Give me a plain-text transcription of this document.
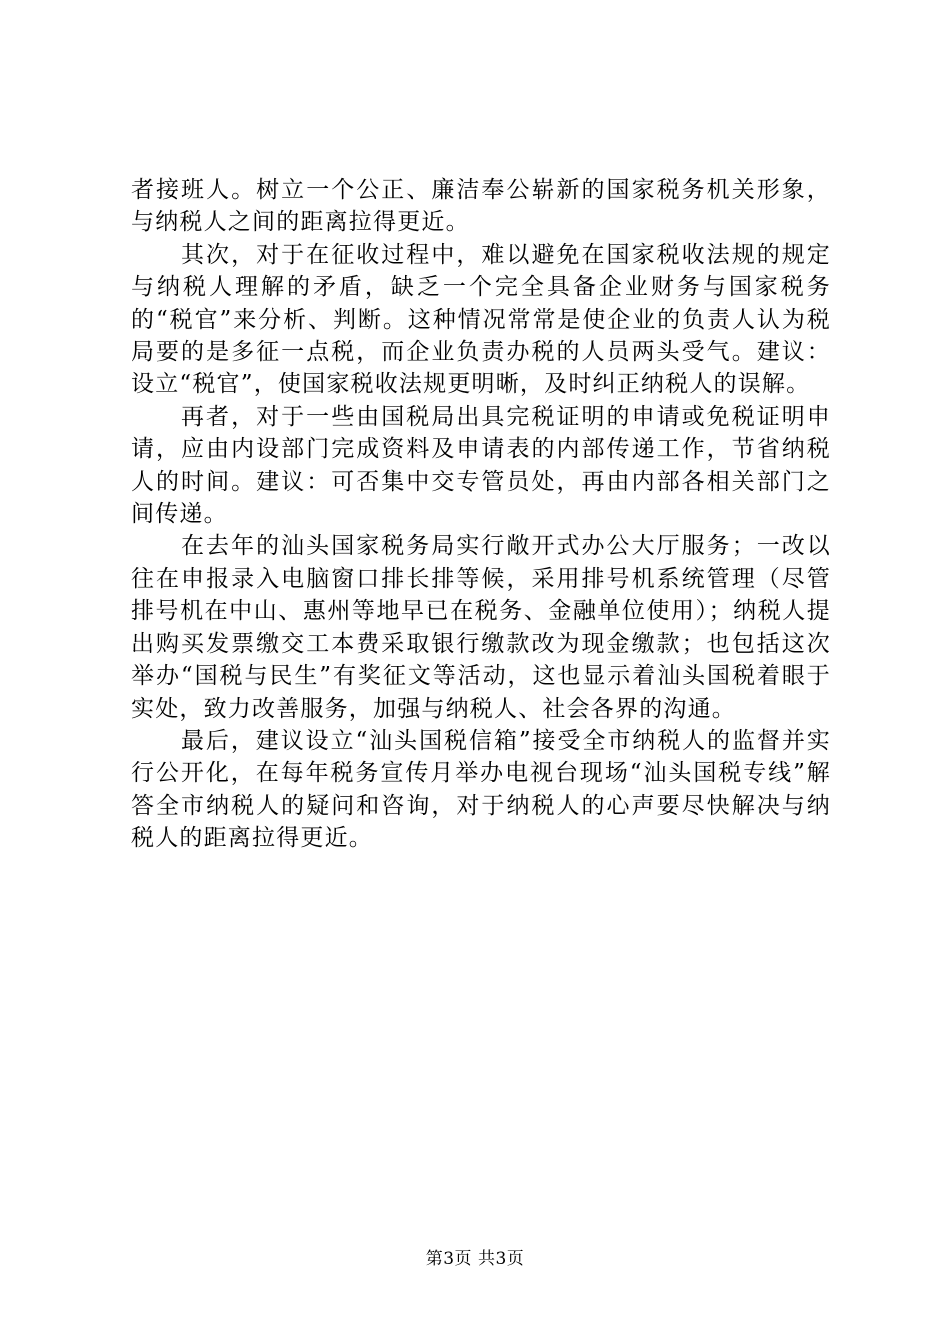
者接班人。树立一个公正、廉洁奉公崭新的国家税务机关形象，与纳税人之间的距离拉得更近。

其次，对于在征收过程中，难以避免在国家税收法规的规定与纳税人理解的矛盾，缺乏一个完全具备企业财务与国家税务的“税官”来分析、判断。这种情况常常是使企业的负责人认为税局要的是多征一点税，而企业负责办税的人员两头受气。建议：设立“税官”，使国家税收法规更明晰，及时纠正纳税人的误解。

再者，对于一些由国税局出具完税证明的申请或免税证明申请，应由内设部门完成资料及申请表的内部传递工作，节省纳税人的时间。建议：可否集中交专管员处，再由内部各相关部门之间传递。

在去年的汕头国家税务局实行敞开式办公大厅服务；一改以往在申报录入电脑窗口排长排等候，采用排号机系统管理（尽管排号机在中山、惠州等地早已在税务、金融单位使用）；纳税人提出购买发票缴交工本费采取银行缴款改为现金缴款；也包括这次举办“国税与民生”有奖征文等活动，这也显示着汕头国税着眼于实处，致力改善服务，加强与纳税人、社会各界的沟通。

最后，建议设立“汕头国税信箱”接受全市纳税人的监督并实行公开化，在每年税务宣传月举办电视台现场“汕头国税专线”解答全市纳税人的疑问和咨询，对于纳税人的心声要尽快解决与纳税人的距离拉得更近。

第3页 共3页
